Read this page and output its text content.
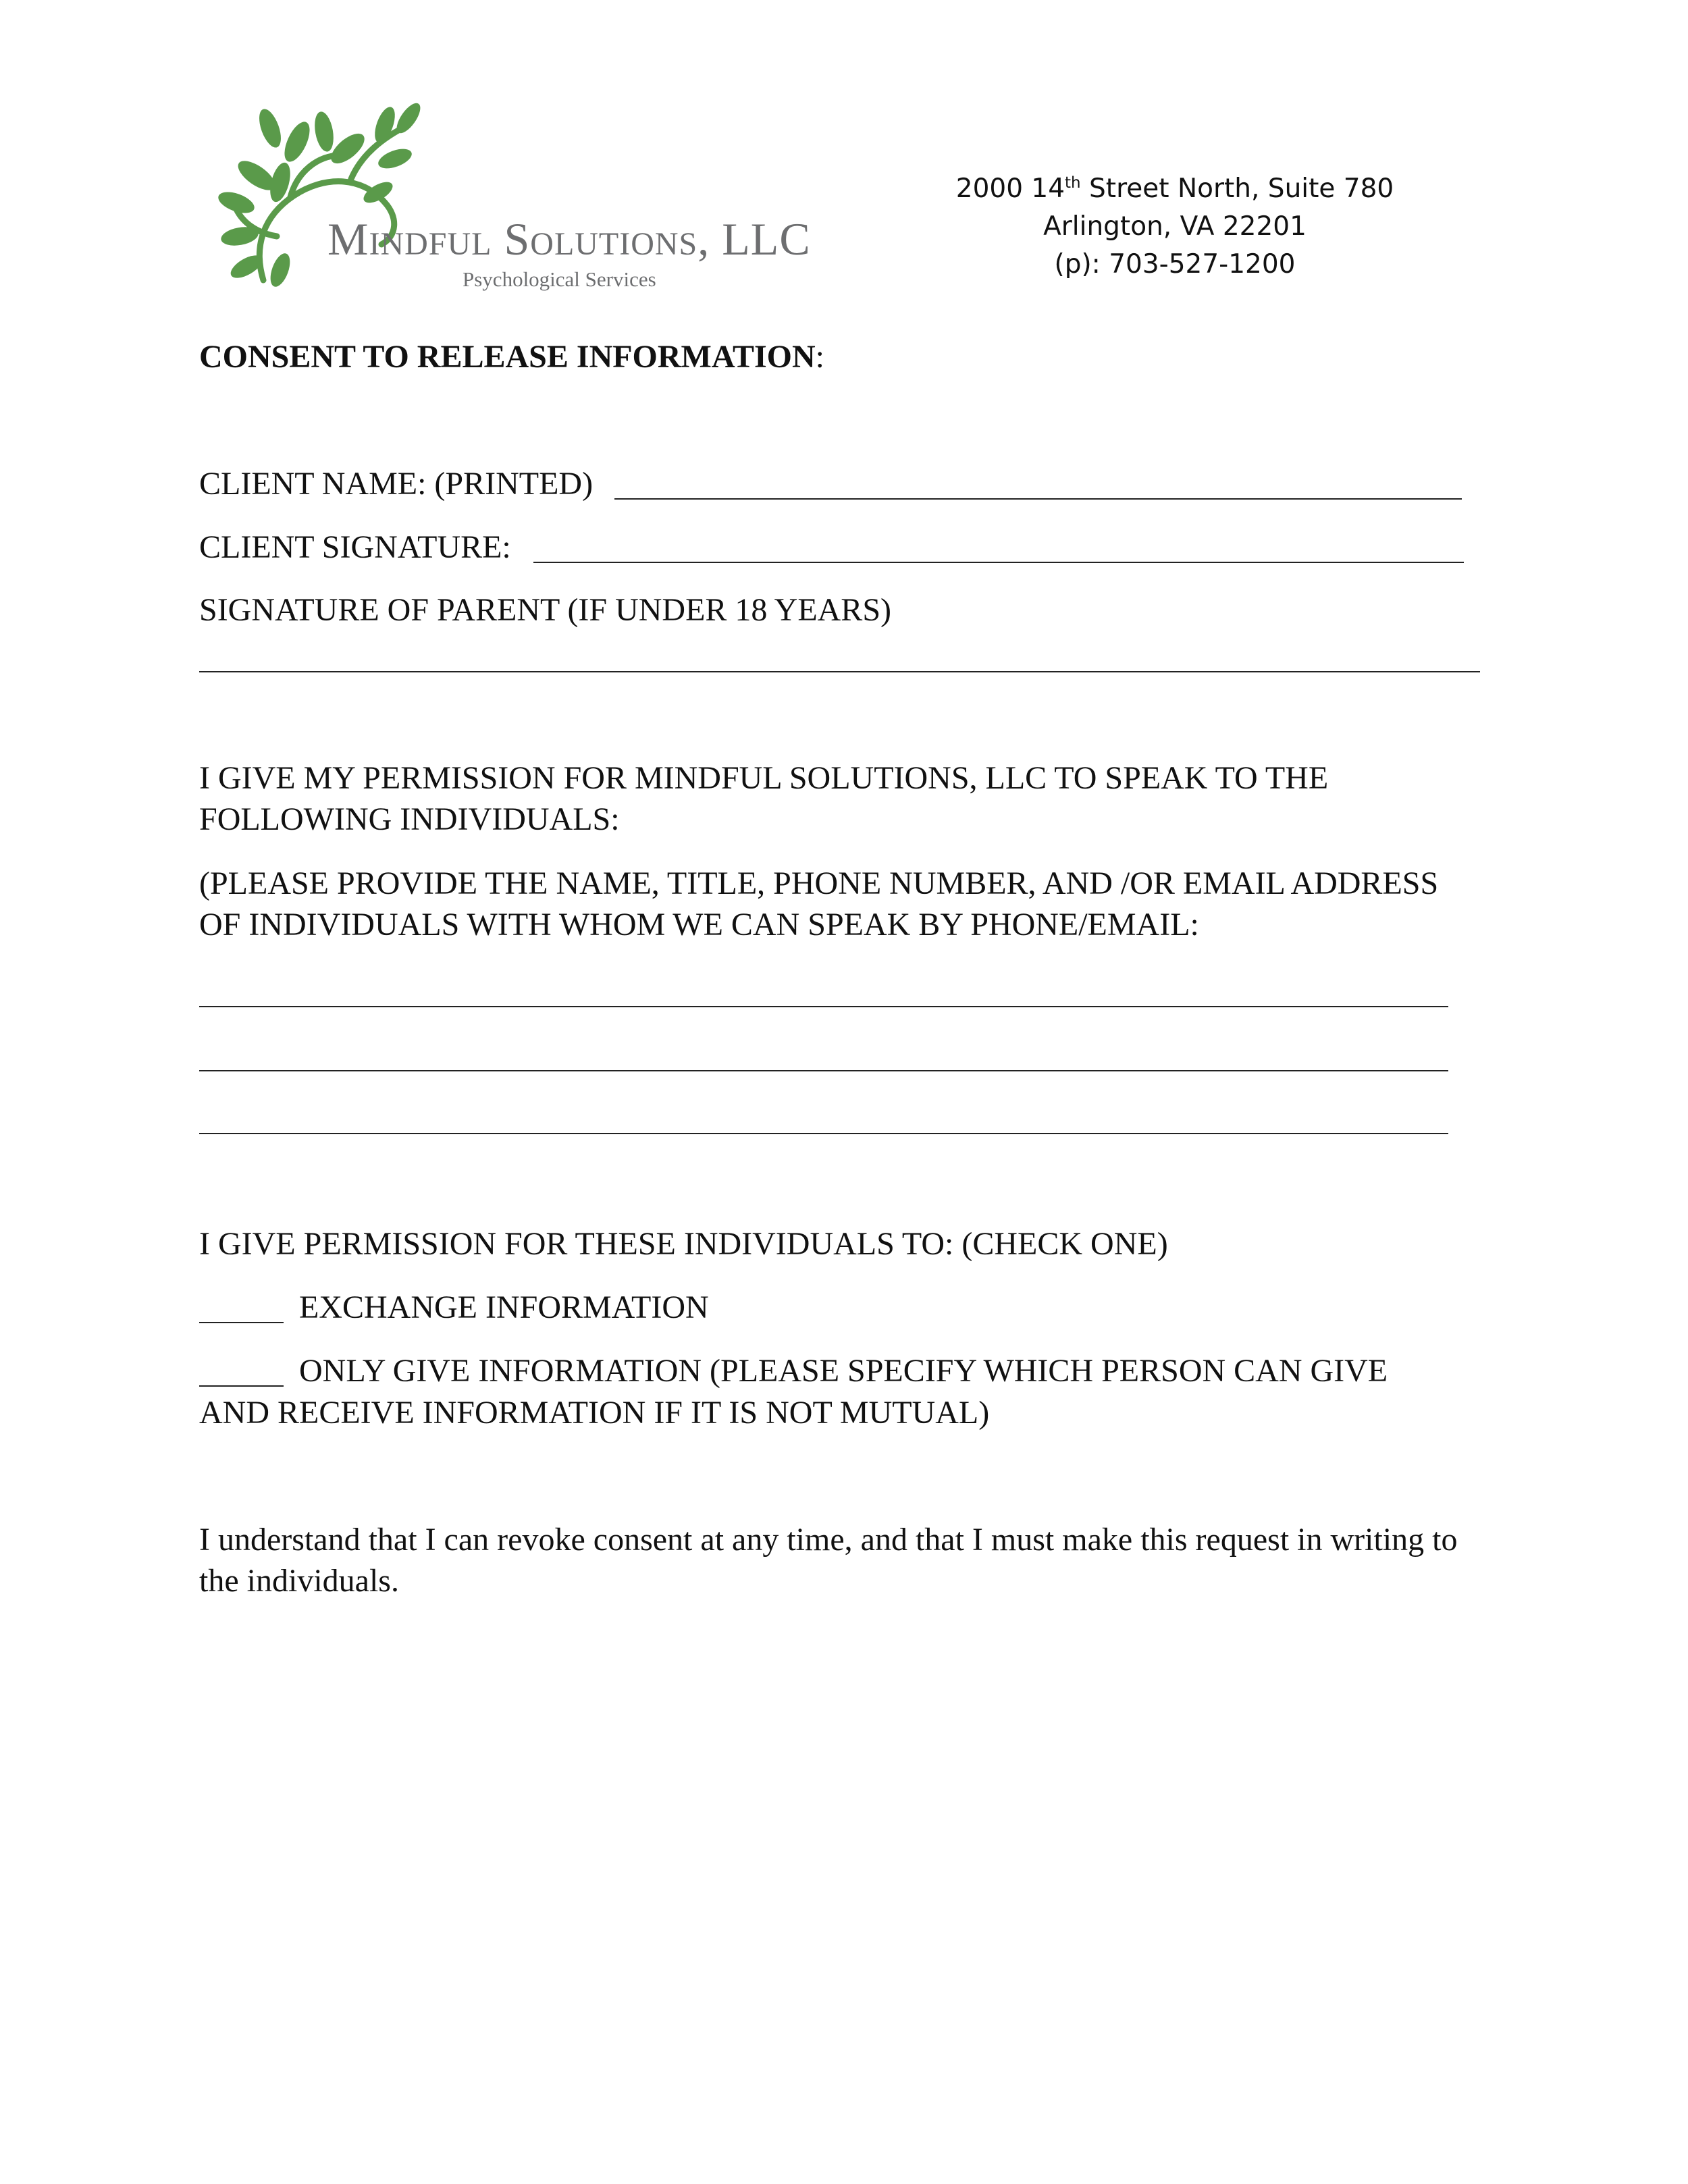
Mindful Solutions, LLC
Psychological Services
2000 14th Street North, Suite 780
Arlington, VA 22201
(p): 703-527-1200
CONSENT TO RELEASE INFORMATION:
CLIENT NAME: (PRINTED)
CLIENT SIGNATURE:
SIGNATURE OF PARENT (IF UNDER 18 YEARS)
I GIVE MY PERMISSION FOR MINDFUL SOLUTIONS, LLC TO SPEAK TO THE
FOLLOWING INDIVIDUALS:
(PLEASE PROVIDE THE NAME, TITLE, PHONE NUMBER, AND /OR EMAIL ADDRESS
OF INDIVIDUALS WITH WHOM WE CAN SPEAK BY PHONE/EMAIL:
I GIVE PERMISSION FOR THESE INDIVIDUALS TO: (CHECK ONE)
EXCHANGE INFORMATION
ONLY GIVE INFORMATION (PLEASE SPECIFY WHICH PERSON CAN GIVE
AND RECEIVE INFORMATION IF IT IS NOT MUTUAL)
I understand that I can revoke consent at any time, and that I must make this request in writing to
the individuals.
